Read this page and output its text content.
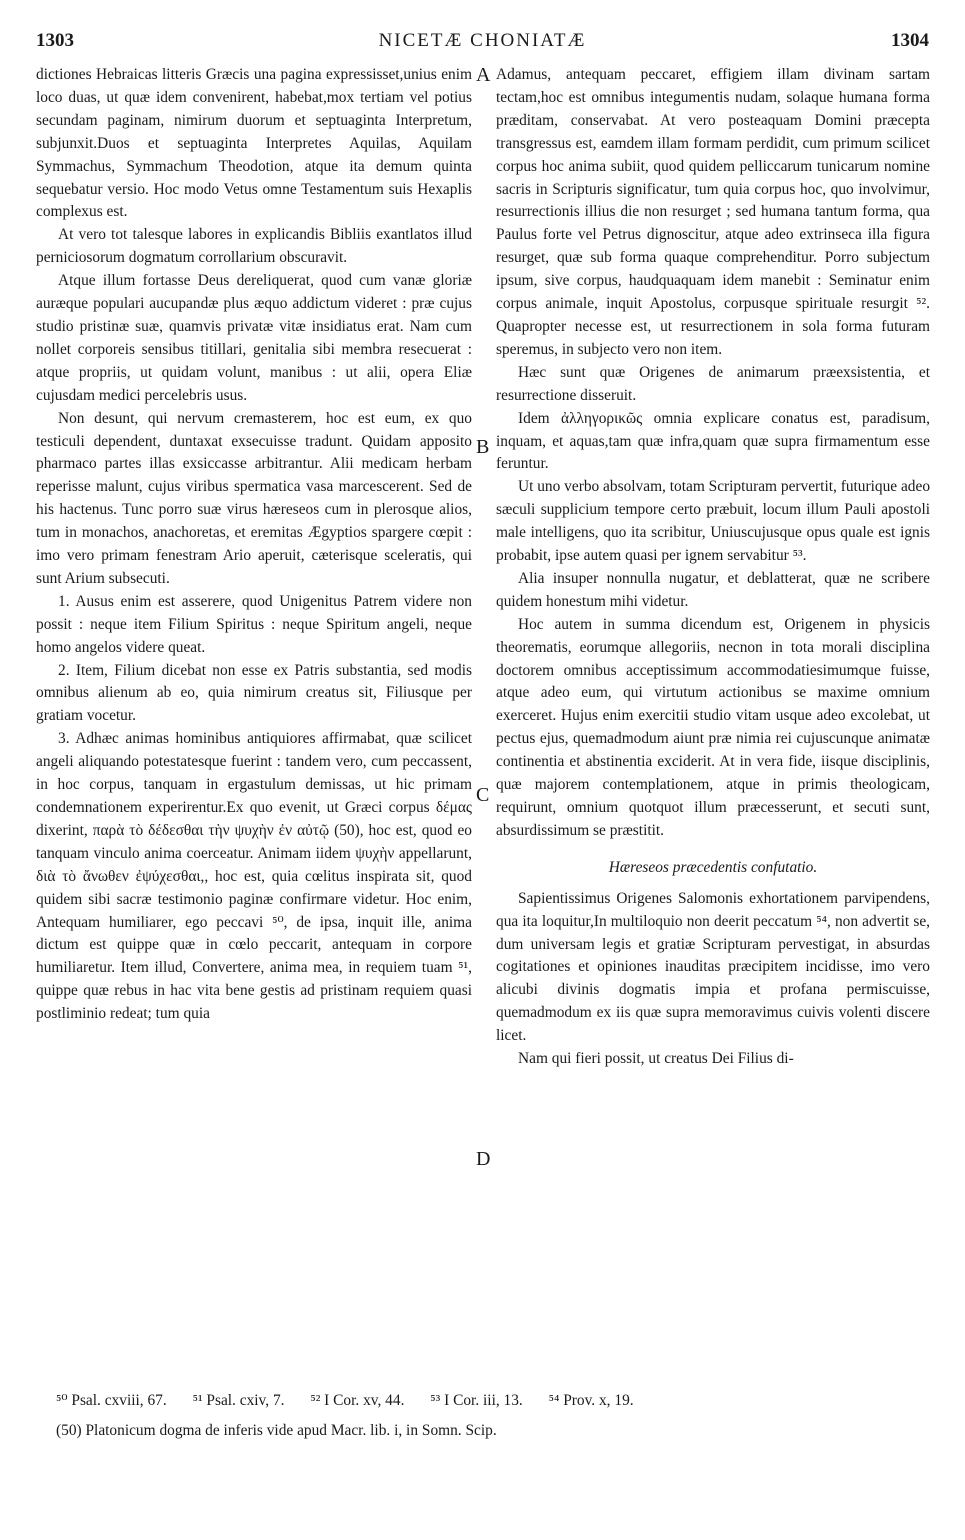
1303	NICETÆ CHONIATÆ	1304
A
B
C
D

dictiones Hebraicas litteris Græcis una pagina expressisset,unius enim loco duas, ut quæ idem convenirent, habebat,mox tertiam vel potius secundam paginam, nimirum duorum et septuaginta Interpretum, subjunxit.Duos et septuaginta Interpretes Aquilas, Aquilam Symmachus, Symmachum Theodotion, atque ita demum quinta sequebatur versio. Hoc modo Vetus omne Testamentum suis Hexaplis complexus est.

At vero tot talesque labores in explicandis Bibliis exantlatos illud perniciosorum dogmatum corrollarium obscuravit.

Atque illum fortasse Deus dereliquerat, quod cum vanæ gloriæ auræque populari aucupandæ plus æquo addictum videret : præ cujus studio pristinæ suæ, quamvis privatæ vitæ insidiatus erat. Nam cum nollet corporeis sensibus titillari, genitalia sibi membra resecuerat : atque propriis, ut quidam volunt, manibus : ut alii, opera Eliæ cujusdam medici percelebris usus.

Non desunt, qui nervum cremasterem, hoc est eum, ex quo testiculi dependent, duntaxat exsecuisse tradunt. Quidam apposito pharmaco partes illas exsiccasse arbitrantur. Alii medicam herbam reperisse malunt, cujus viribus spermatica vasa marcescerent. Sed de his hactenus. Tunc porro suæ virus hæreseos cum in plerosque alios, tum in monachos, anachoretas, et eremitas Ægyptios spargere cœpit : imo vero primam fenestram Ario aperuit, cæterisque sceleratis, qui sunt Arium subsecuti.

1. Ausus enim est asserere, quod Unigenitus Patrem videre non possit : neque item Filium Spiritus : neque Spiritum angeli, neque homo angelos videre queat.

2. Item, Filium dicebat non esse ex Patris substantia, sed modis omnibus alienum ab eo, quia nimirum creatus sit, Filiusque per gratiam vocetur.

3. Adhæc animas hominibus antiquiores affirmabat, quæ scilicet angeli aliquando potestatesque fuerint : tandem vero, cum peccassent, in hoc corpus, tanquam in ergastulum demissas, ut hic primam condemnationem experirentur.Ex quo evenit, ut Græci corpus δέμας dixerint, παρὰ τὸ δέδεσθαι τὴν ψυχὴν ἐν αὐτῷ (50), hoc est, quod eo tanquam vinculo anima coerceatur. Animam iidem ψυχὴν appellarunt, διὰ τὸ ἄνωθεν ἐψύχεσθαι,, hoc est, quia cœlitus inspirata sit, quod quidem sibi sacræ testimonio paginæ confirmare videtur. Hoc enim, Antequam humiliarer, ego peccavi ⁵⁰, de ipsa, inquit ille, anima dictum est quippe quæ in cœlo peccarit, antequam in corpore humiliaretur. Item illud, Convertere, anima mea, in requiem tuam ⁵¹, quippe quæ rebus in hac vita bene gestis ad pristinam requiem quasi postliminio redeat; tum quia

Adamus, antequam peccaret, effigiem illam divinam sartam tectam,hoc est omnibus integumentis nudam, solaque humana forma præditam, conservabat. At vero posteaquam Domini præcepta transgressus est, eamdem illam formam perdidit, cum primum scilicet corpus hoc anima subiit, quod quidem pelliccarum tunicarum nomine sacris in Scripturis significatur, tum quia corpus hoc, quo involvimur, resurrectionis illius die non resurget ; sed humana tantum forma, qua Paulus forte vel Petrus dignoscitur, atque adeo extrinseca illa figura resurget, quæ sub forma quaque comprehenditur. Porro subjectum ipsum, sive corpus, haudquaquam idem manebit : Seminatur enim corpus animale, inquit Apostolus, corpusque spirituale resurgit ⁵². Quapropter necesse est, ut resurrectionem in sola forma futuram speremus, in subjecto vero non item.

Hæc sunt quæ Origenes de animarum præexsistentia, et resurrectione disseruit.

Idem ἀλληγορικῶς omnia explicare conatus est, paradisum, inquam, et aquas,tam quæ infra,quam quæ supra firmamentum esse feruntur.

Ut uno verbo absolvam, totam Scripturam pervertit, futurique adeo sæculi supplicium tempore certo præbuit, locum illum Pauli apostoli male intelligens, quo ita scribitur, Uniuscujusque opus quale est ignis probabit, ipse autem quasi per ignem servabitur ⁵³.

Alia insuper nonnulla nugatur, et deblatterat, quæ ne scribere quidem honestum mihi videtur.

Hoc autem in summa dicendum est, Origenem in physicis theorematis, eorumque allegoriis, necnon in tota morali disciplina doctorem omnibus acceptissimum accommodatiesimumque fuisse, atque adeo eum, qui virtutum actionibus se maxime omnium exerceret. Hujus enim exercitii studio vitam usque adeo excolebat, ut pectus ejus, quemadmodum aiunt præ nimia rei cujuscunque animatæ continentia et abstinentia exciderit. At in vera fide, iisque disciplinis, quæ majorem contemplationem, atque in primis theologicam, requirunt, omnium quotquot illum præcesserunt, et secuti sunt, absurdissimum se præstitit.

Hæreseos præcedentis confutatio.

Sapientissimus Origenes Salomonis exhortationem parvipendens, qua ita loquitur,In multiloquio non deerit peccatum ⁵⁴, non advertit se, dum universam legis et gratiæ Scripturam pervestigat, in absurdas cogitationes et opiniones inauditas præcipitem incidisse, imo vero alicubi divinis dogmatis impia et profana permiscuisse, quemadmodum ex iis quæ supra memoravimus cuivis volenti discere licet.

Nam qui fieri possit, ut creatus Dei Filius di-

⁵⁰ Psal. cxviii, 67. ⁵¹ Psal. cxiv, 7. ⁵² I Cor. xv, 44. ⁵³ I Cor. iii, 13. ⁵⁴ Prov. x, 19.
(50) Platonicum dogma de inferis vide apud Macr. lib. i, in Somn. Scip.
